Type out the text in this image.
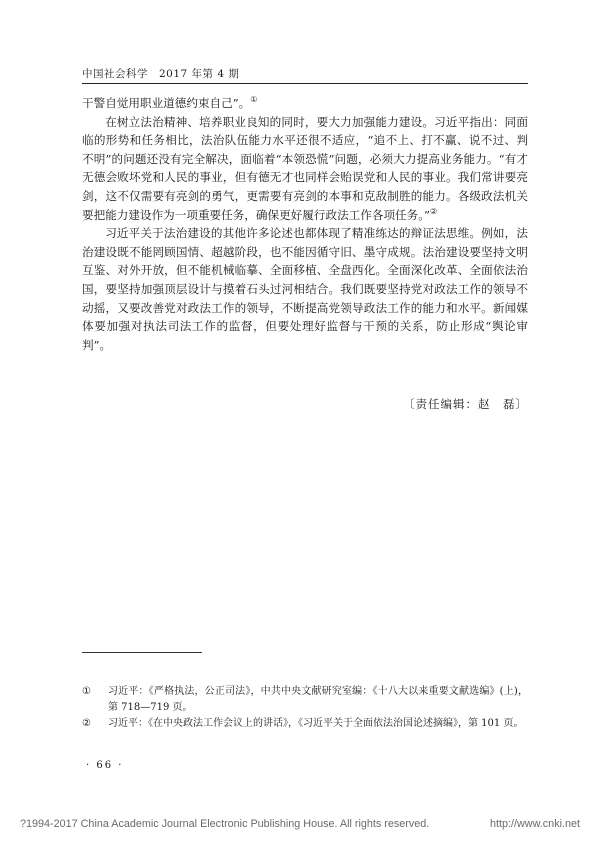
中国社会科学　2017 年第 4 期

干警自觉用职业道德约束自己”。①

在树立法治精神、培养职业良知的同时，要大力加强能力建设。习近平指出：同面临的形势和任务相比，法治队伍能力水平还很不适应，“追不上、打不赢、说不过、判不明”的问题还没有完全解决，面临着“本领恐慌”问题，必须大力提高业务能力。“有才无德会败坏党和人民的事业，但有德无才也同样会贻误党和人民的事业。我们常讲要亮剑，这不仅需要有亮剑的勇气，更需要有亮剑的本事和克敌制胜的能力。各级政法机关要把能力建设作为一项重要任务，确保更好履行政法工作各项任务。”②

习近平关于法治建设的其他许多论述也都体现了精准练达的辩证法思维。例如，法治建设既不能罔顾国情、超越阶段，也不能因循守旧、墨守成规。法治建设要坚持文明互鉴、对外开放，但不能机械临摹、全面移植、全盘西化。全面深化改革、全面依法治国，要坚持加强顶层设计与摸着石头过河相结合。我们既要坚持党对政法工作的领导不动摇，又要改善党对政法工作的领导，不断提高党领导政法工作的能力和水平。新闻媒体要加强对执法司法工作的监督，但要处理好监督与干预的关系，防止形成“舆论审判”。

〔责任编辑：赵　磊〕
①	习近平：《严格执法，公正司法》，中共中央文献研究室编：《十八大以来重要文献选编》(上)，第 718—719 页。
②	习近平：《在中央政法工作会议上的讲话》，《习近平关于全面依法治国论述摘编》，第 101 页。
· 66 ·
?1994-2017 China Academic Journal Electronic Publishing House. All rights reserved.	http://www.cnki.net
